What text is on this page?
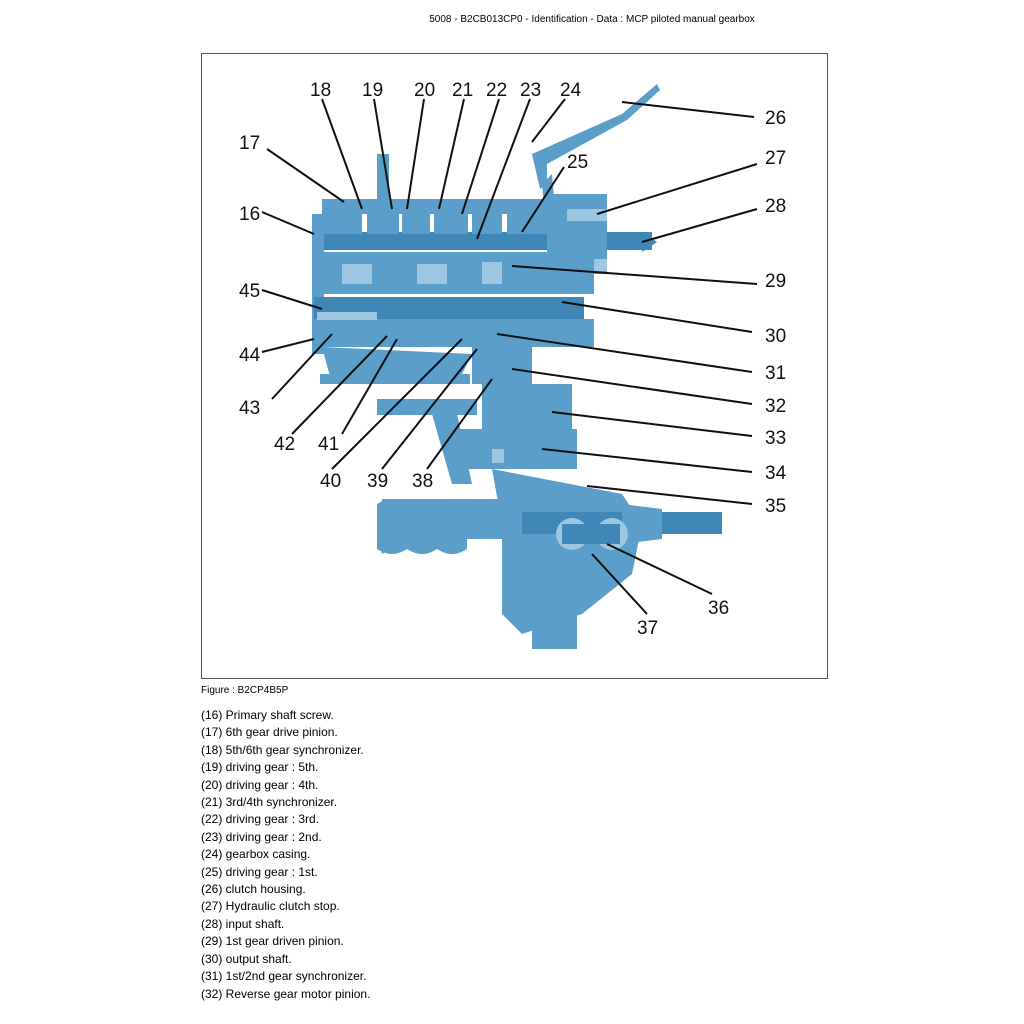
5008 - B2CB013CP0 - Identification - Data : MCP piloted manual gearbox
18 19 20 21 22 23 24
26
17
25	27
16	28
29
45
30
44
31
32
43
33
42 41
34
40 39 38
35
36
37
Figure : B2CP4B5P
(16) Primary shaft screw.
(17) 6th gear drive pinion.
(18) 5th/6th gear synchronizer.
(19) driving gear : 5th.
(20) driving gear : 4th.
(21) 3rd/4th synchronizer.
(22) driving gear : 3rd.
(23) driving gear : 2nd.
(24) gearbox casing.
(25) driving gear : 1st.
(26) clutch housing.
(27) Hydraulic clutch stop.
(28) input shaft.
(29) 1st gear driven pinion.
(30) output shaft.
(31) 1st/2nd gear synchronizer.
(32) Reverse gear motor pinion.
